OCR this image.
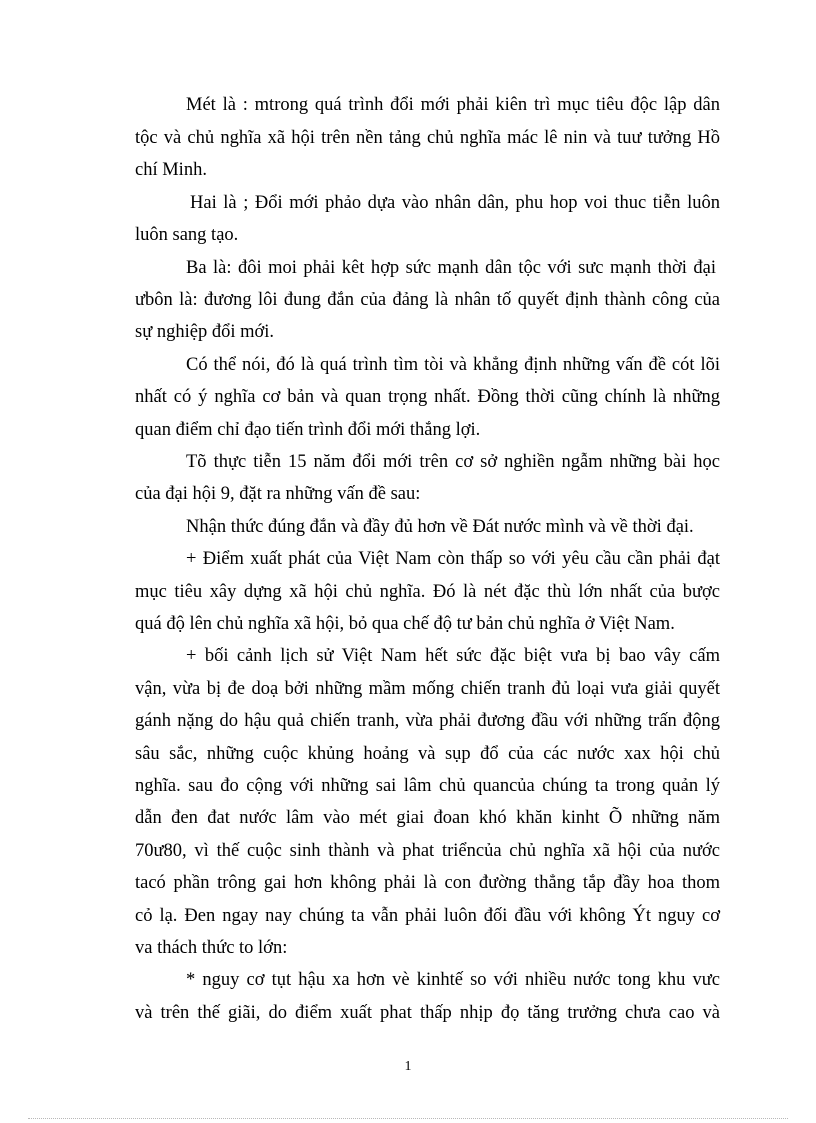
Mét là : mtrong quá trình đổi mới phải kiên trì mục tiêu độc lập dân
tộc và chủ nghĩa xã hội trên nền tảng chủ nghĩa mác lê nin và tuư tưởng Hồ
chí Minh.
Hai là ; Đổi mới phảo dựa vào nhân dân, phu hop voi thuc tiễn luôn
luôn sang tạo.
Ba là: đôi moi phải kêt hợp sức mạnh dân tộc với sưc mạnh thời đại
ưbôn là: đương lôi đung đắn của đảng là nhân tố quyết định thành công của
sự nghiệp đổi mới.
Có thể nói, đó là quá trình tìm tòi và khẳng định những vấn đề cót lõi
nhất có ý nghĩa cơ bản và quan trọng nhất. Đồng thời cũng chính là những
quan điểm chỉ đạo tiến trình đổi mới thắng lợi.
Tõ thực tiễn 15 năm đổi mới trên cơ sở nghiền ngẫm những bài học
của đại hội 9, đặt ra những vấn đề sau:
Nhận thức đúng đắn và đầy đủ hơn về Đát nước mình và về thời đại.
+ Điểm xuất phát của Việt Nam còn thấp so với yêu cầu cần phải đạt
mục tiêu xây dựng xã hội chủ nghĩa. Đó là nét đặc thù lớn nhất của bược
quá độ lên chủ nghĩa xã hội, bỏ qua chế độ tư bản chủ nghĩa ở Việt Nam.
+ bối cảnh lịch sử Việt Nam hết sức đặc biệt vưa bị bao vây cấm
vận, vừa bị đe doạ bởi những mầm mống chiến tranh đủ loại vưa giải quyết
gánh nặng do hậu quả chiến tranh, vừa phải đương đầu với những trấn động
sâu sắc, những cuộc khủng hoảng và sụp đổ của các nước xax hội chủ
nghĩa. sau đo cộng với những sai lâm chủ quancủa chúng ta trong quản lý
dẫn đen đat nước lâm vào mét giai đoan khó khăn kinht Õ những năm
70ư80, vì thế cuộc sinh thành và phat triểncủa chủ nghĩa xã hội của nước
tacó phần trông gai hơn không phải là con đường thẳng tắp đầy hoa thom
cỏ lạ. Đen ngay nay chúng ta vẫn phải luôn đối đầu với không Ýt nguy cơ
va thách thức to lớn:
* nguy cơ tụt hậu xa hơn vè kinhtế so với nhiều nước tong khu vưc
và trên thế giãi, do điểm xuất phat thấp nhịp đọ tăng trưởng chưa cao và
1
